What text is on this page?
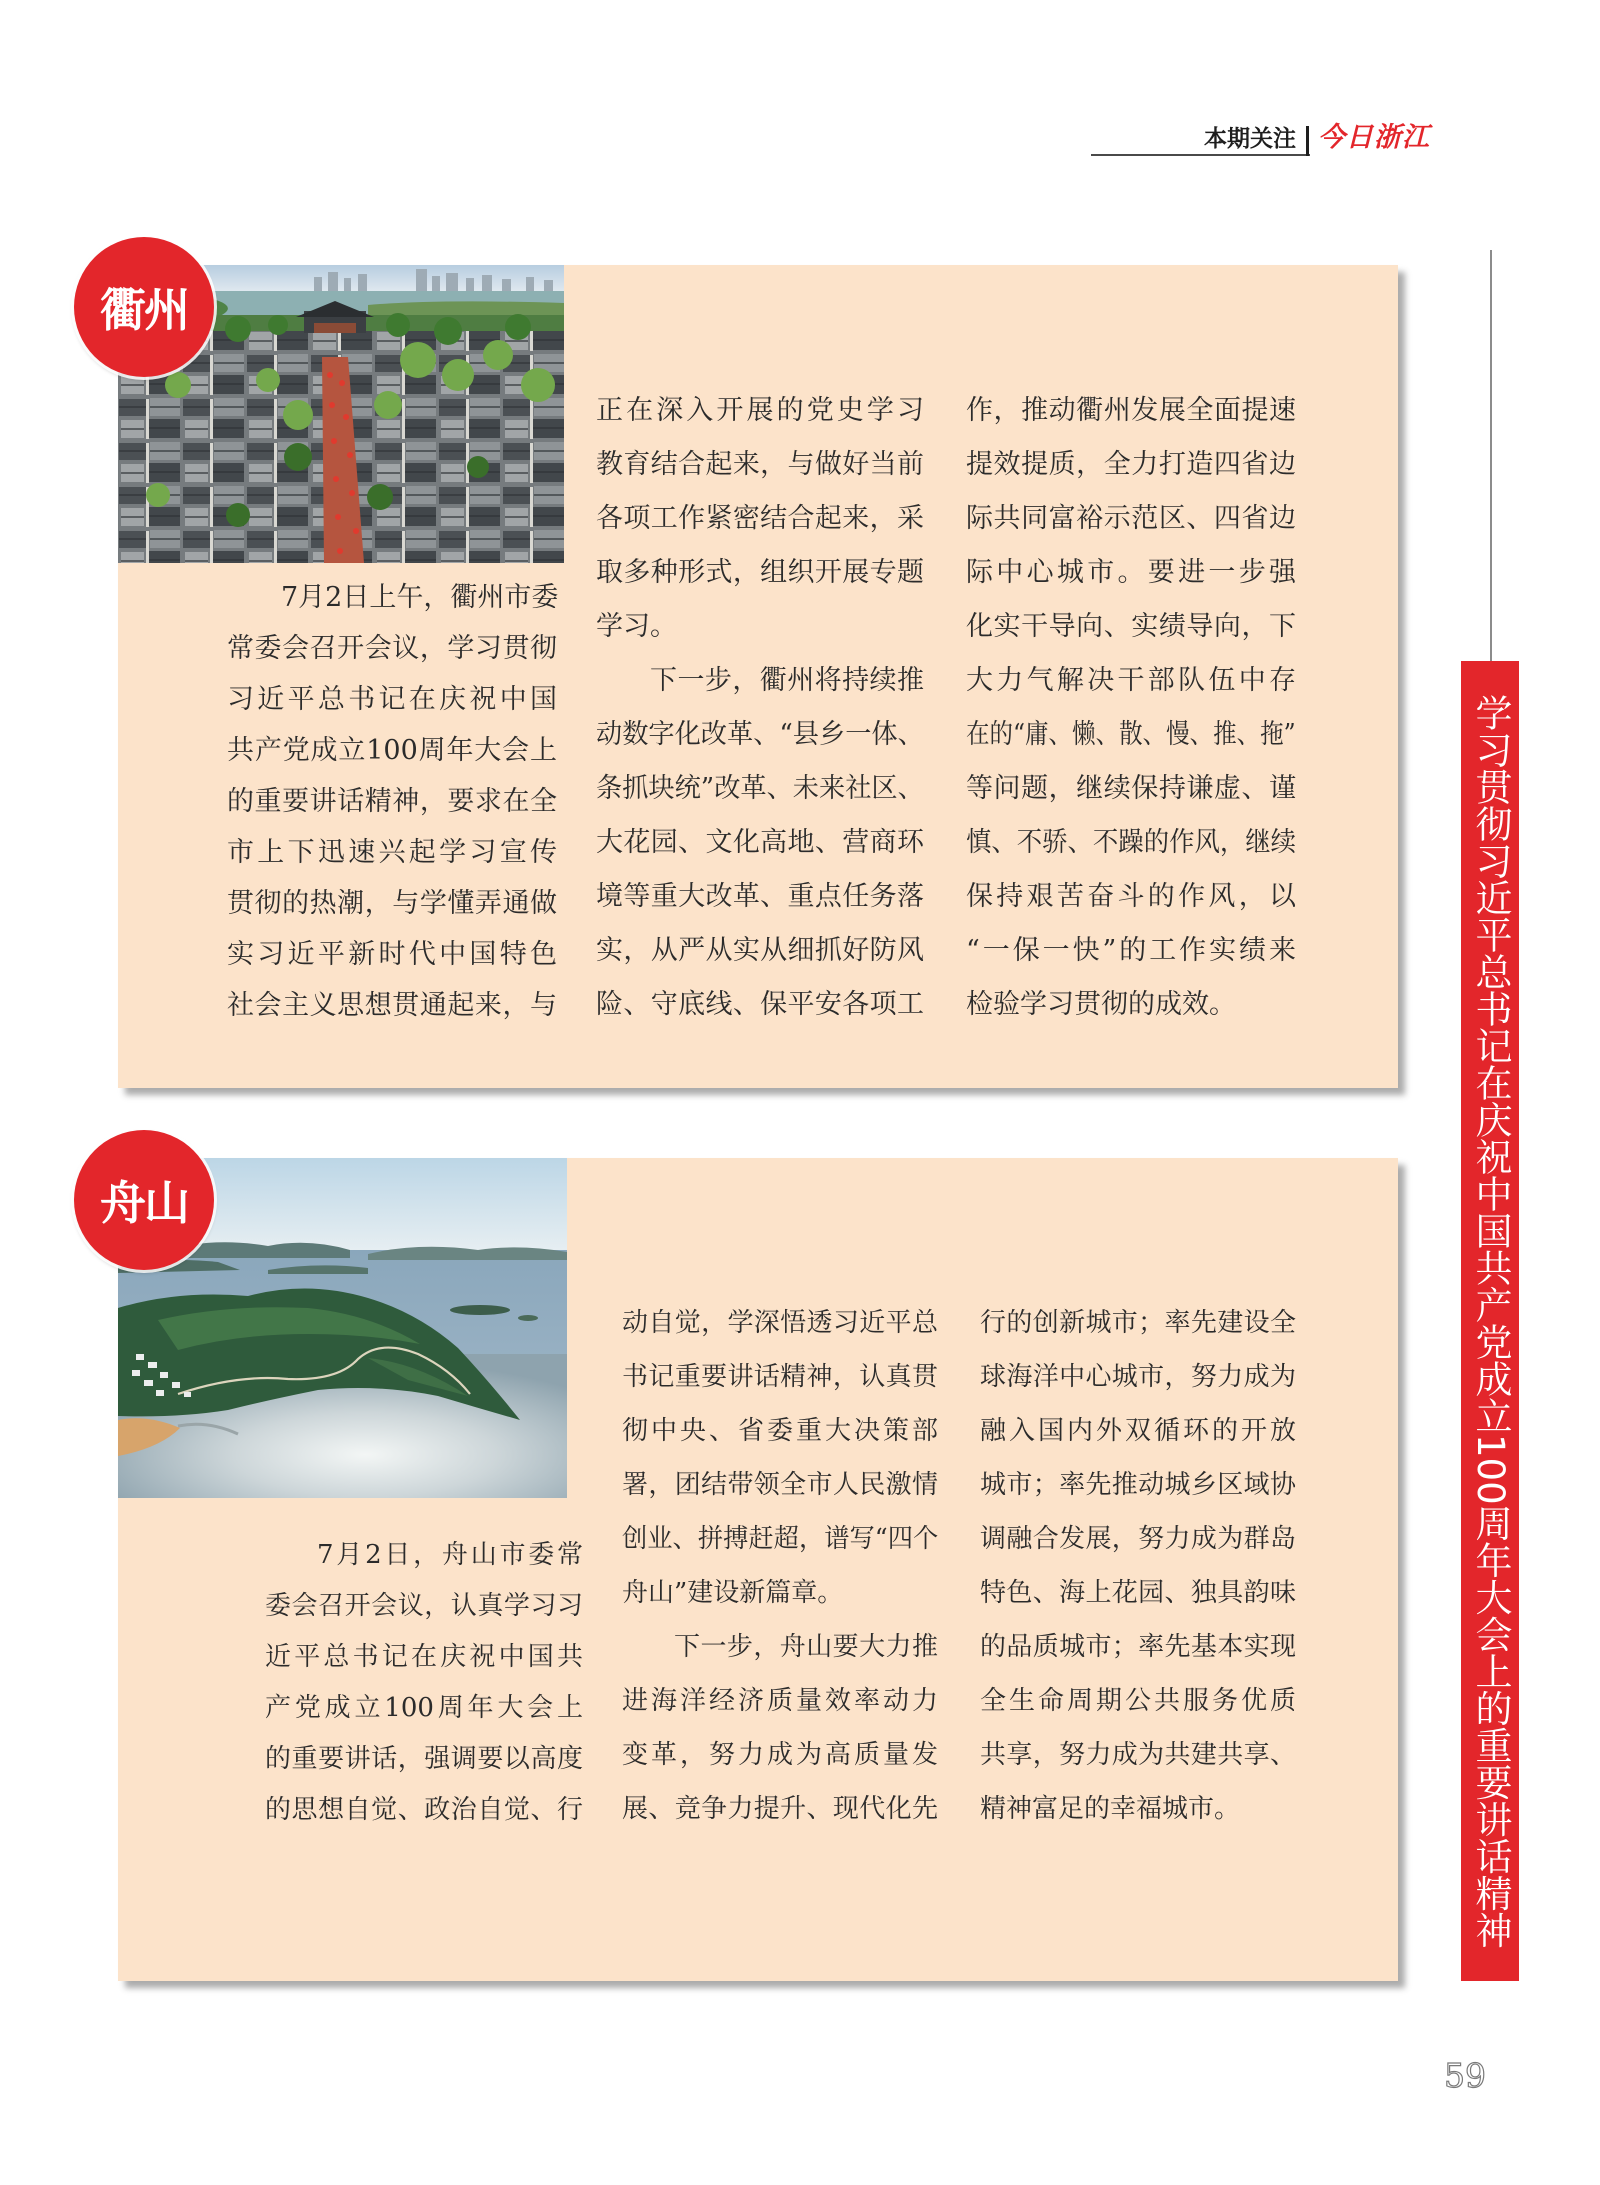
本期关注 今日浙江
学习贯彻习近平总书记在庆祝中国共产党成立100周年大会上的重要讲话精神
衢州
7月2日上午，衢州市委
常委会召开会议，学习贯彻
习近平总书记在庆祝中国
共产党成立100周年大会上
的重要讲话精神，要求在全
市上下迅速兴起学习宣传
贯彻的热潮，与学懂弄通做
实习近平新时代中国特色
社会主义思想贯通起来，与
正在深入开展的党史学习
教育结合起来，与做好当前
各项工作紧密结合起来，采
取多种形式，组织开展专题
学习。
下一步，衢州将持续推
动数字化改革、“县乡一体、
条抓块统”改革、未来社区、
大花园、文化高地、营商环
境等重大改革、重点任务落
实，从严从实从细抓好防风
险、守底线、保平安各项工
作，推动衢州发展全面提速
提效提质，全力打造四省边
际共同富裕示范区、四省边
际中心城市。要进一步强
化实干导向、实绩导向，下
大力气解决干部队伍中存
在的“庸、懒、散、慢、推、拖”
等问题，继续保持谦虚、谨
慎、不骄、不躁的作风，继续
保持艰苦奋斗的作风，以
“一保一快”的工作实绩来
检验学习贯彻的成效。
舟山
7月2日，舟山市委常
委会召开会议，认真学习习
近平总书记在庆祝中国共
产党成立100周年大会上
的重要讲话，强调要以高度
的思想自觉、政治自觉、行
动自觉，学深悟透习近平总
书记重要讲话精神，认真贯
彻中央、省委重大决策部
署，团结带领全市人民激情
创业、拼搏赶超，谱写“四个
舟山”建设新篇章。
下一步，舟山要大力推
进海洋经济质量效率动力
变革，努力成为高质量发
展、竞争力提升、现代化先
行的创新城市；率先建设全
球海洋中心城市，努力成为
融入国内外双循环的开放
城市；率先推动城乡区域协
调融合发展，努力成为群岛
特色、海上花园、独具韵味
的品质城市；率先基本实现
全生命周期公共服务优质
共享，努力成为共建共享、
精神富足的幸福城市。
59
